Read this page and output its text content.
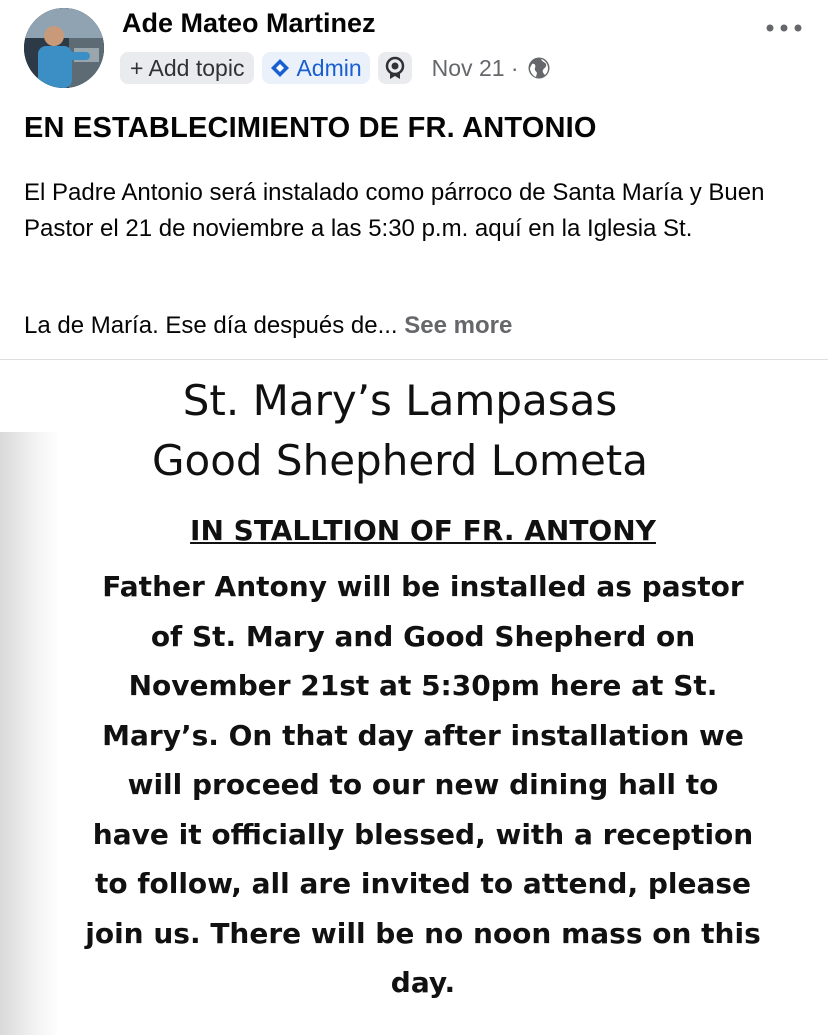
Ade Mateo Martinez
+ Add topic	Admin	Nov 21 ·
EN ESTABLECIMIENTO DE FR. ANTONIO
El Padre Antonio será instalado como párroco de Santa María y Buen Pastor el 21 de noviembre a las 5:30 p.m. aquí en la Iglesia St.
La de María. Ese día después de... See more
St. Mary’s Lampasas
Good Shepherd Lometa
IN STALLTION OF FR. ANTONY
Father Antony will be installed as pastor
of St. Mary and Good Shepherd on
November 21st at 5:30pm here at St.
Mary’s. On that day after installation we
will proceed to our new dining hall to
have it officially blessed, with a reception
to follow, all are invited to attend, please
join us. There will be no noon mass on this
day.
